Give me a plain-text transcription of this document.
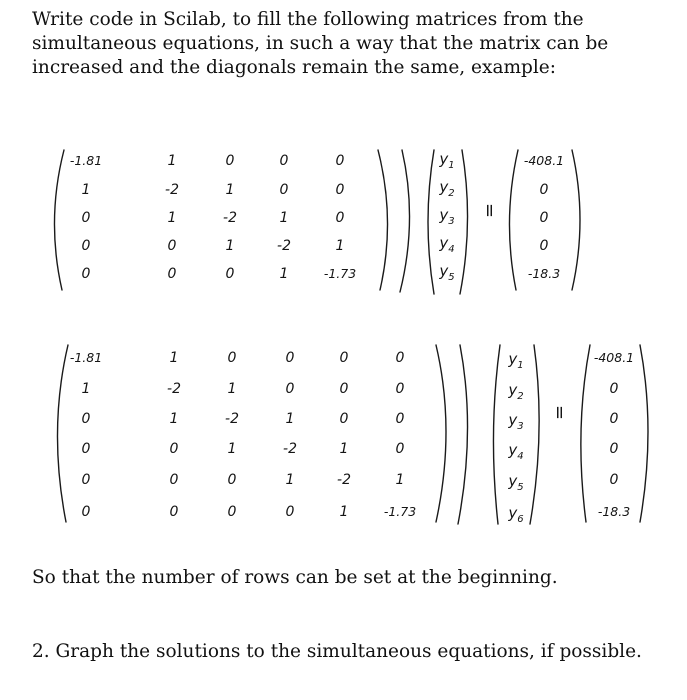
Write code in Scilab, to fill the following matrices from the simultaneous equations, in such a way that the matrix can be increased and the diagonals remain the same, example:

-1.81	1	0	0	0
1	-2	1	0	0
0	1	-2	1	0
0	0	1	-2	1
0	0	0	1	-1.73
$y_1$
$y_2$
$y_3$
$y_4$
$y_5$
=
-408.1
0
0
0
-18.3
-1.81	1	0	0	0	0
1	-2	1	0	0	0
0	1	-2	1	0	0
0	0	1	-2	1	0
0	0	0	1	-2	1
0	0	0	0	1	-1.73
$y_1$
$y_2$
$y_3$
$y_4$
$y_5$
$y_6$
=
-408.1
0
0
0
0
-18.3

So that the number of rows can be set at the beginning.

2. Graph the solutions to the simultaneous equations, if possible.
